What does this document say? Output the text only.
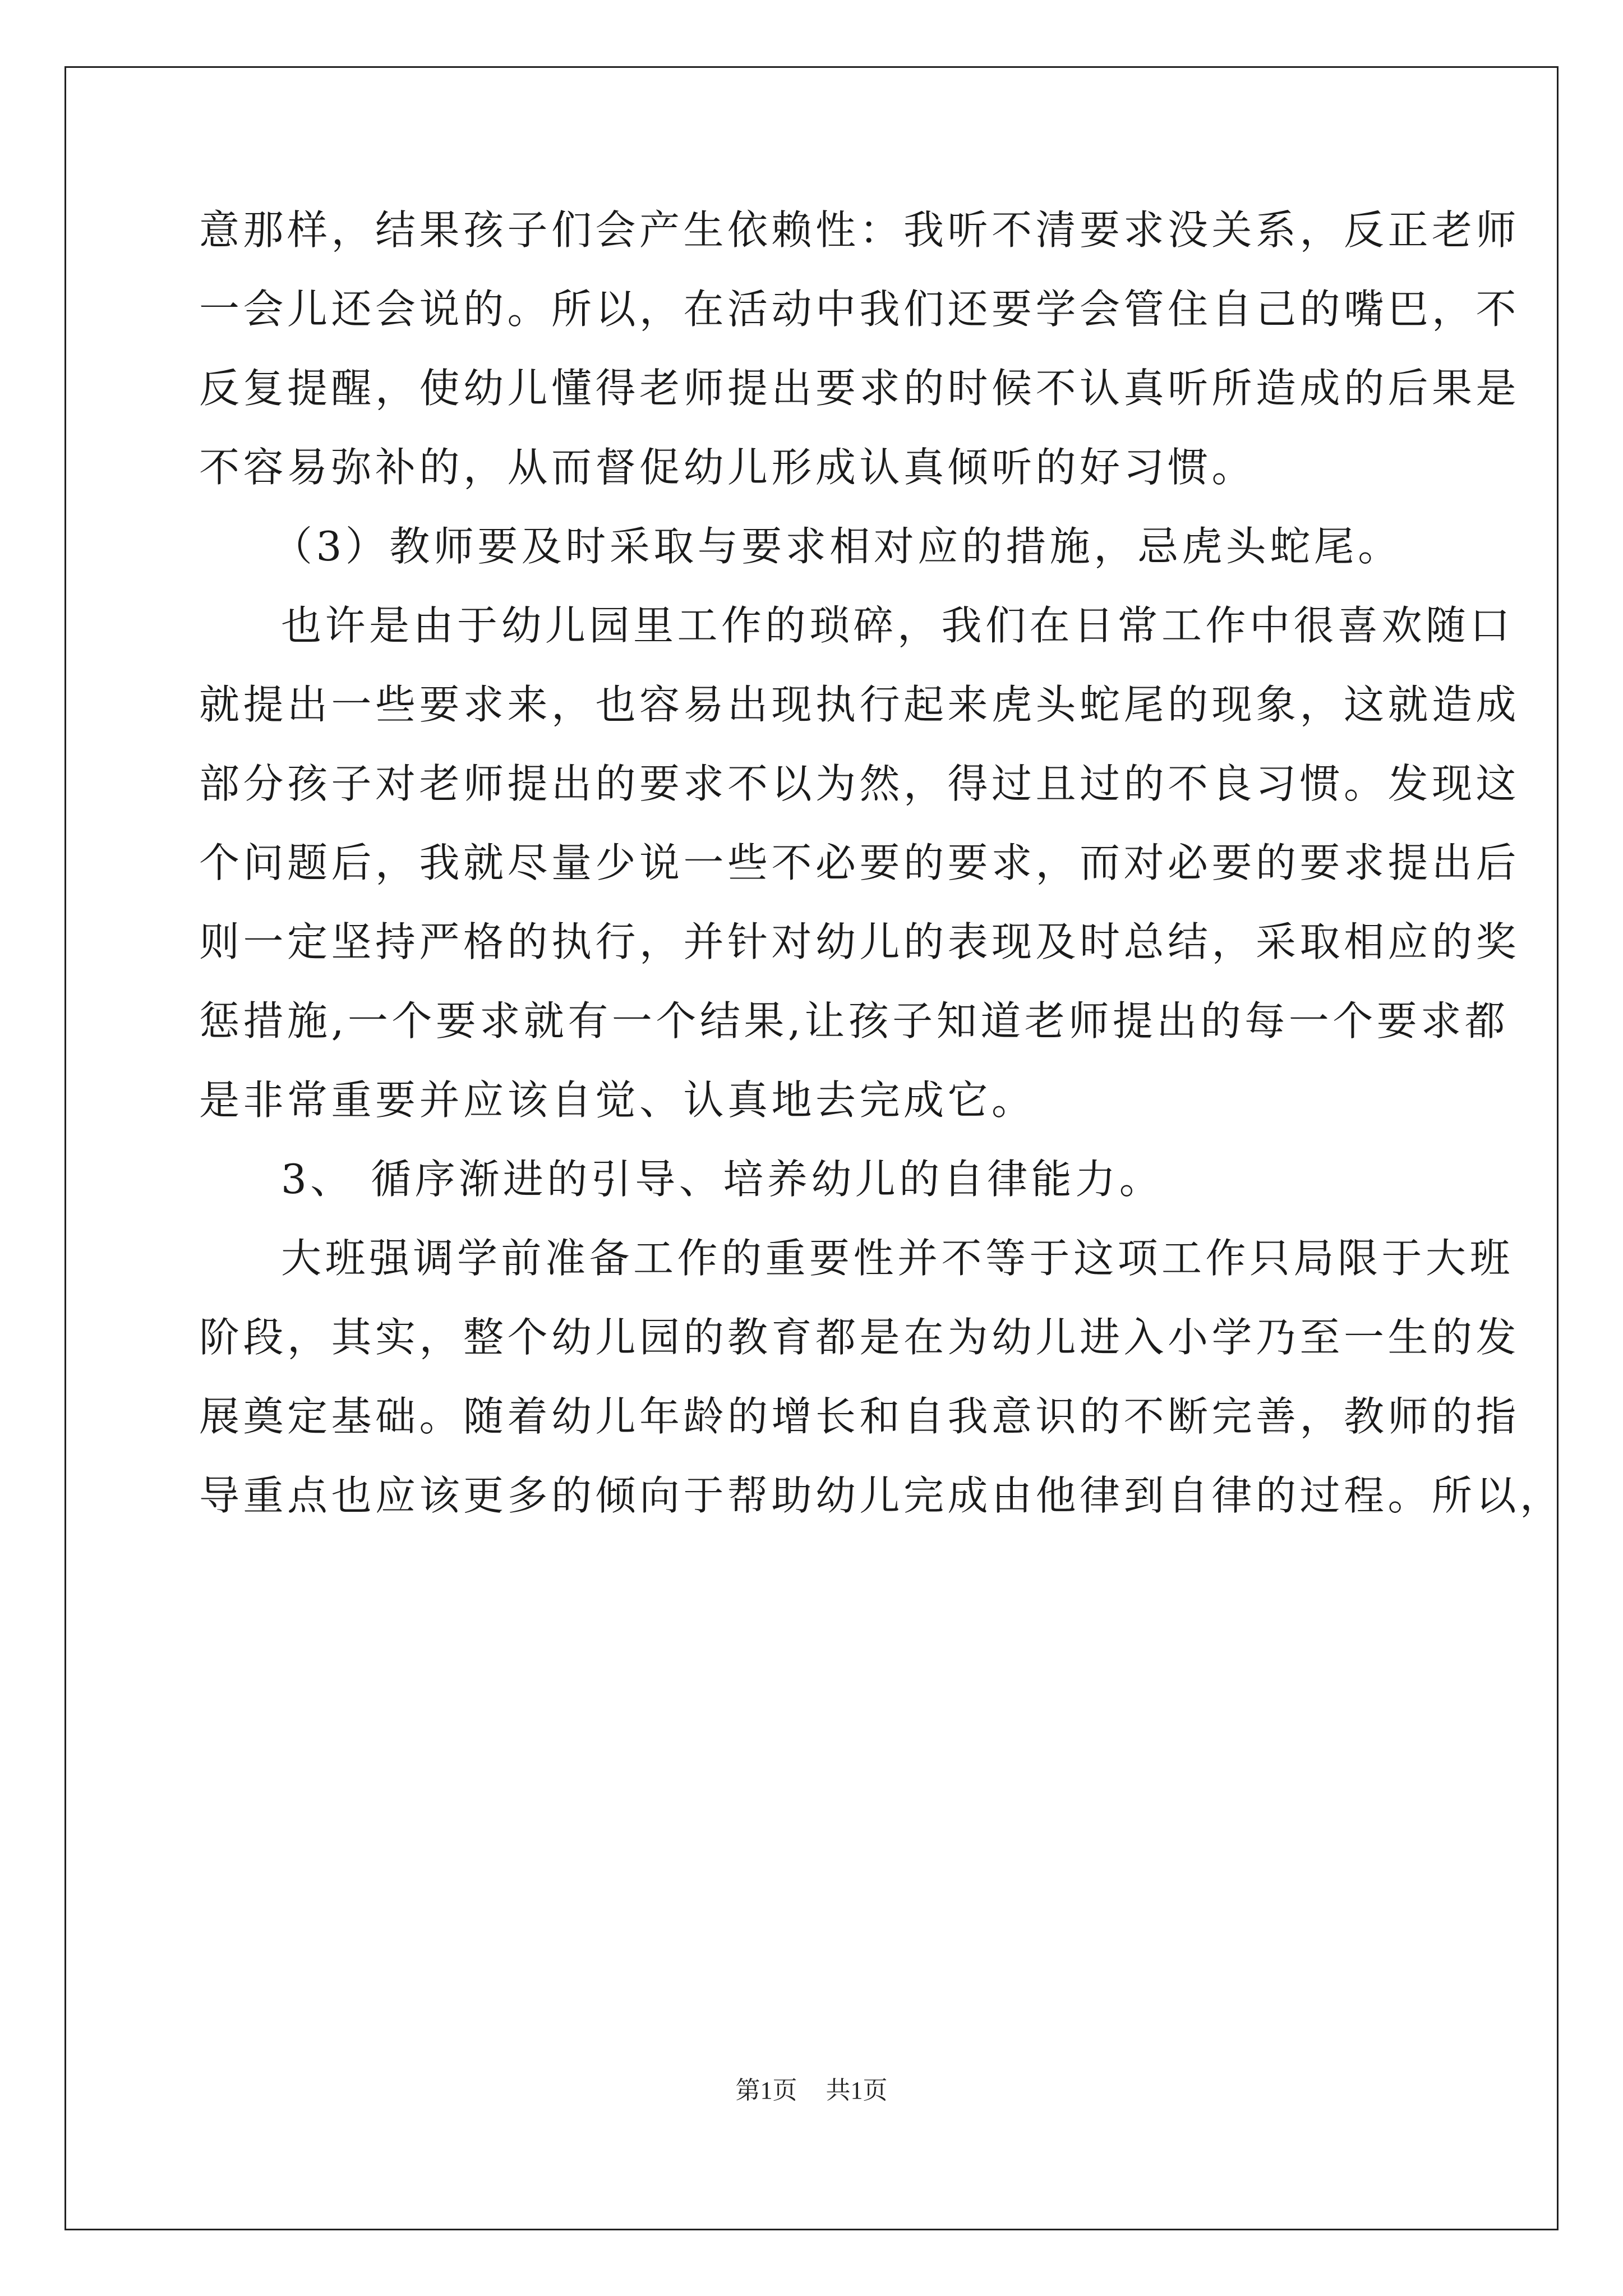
意那样，结果孩子们会产生依赖性：我听不清要求没关系，反正老师
一会儿还会说的。所以，在活动中我们还要学会管住自己的嘴巴，不
反复提醒，使幼儿懂得老师提出要求的时候不认真听所造成的后果是
不容易弥补的，从而督促幼儿形成认真倾听的好习惯。
（3）教师要及时采取与要求相对应的措施，忌虎头蛇尾。
也许是由于幼儿园里工作的琐碎，我们在日常工作中很喜欢随口
就提出一些要求来，也容易出现执行起来虎头蛇尾的现象，这就造成
部分孩子对老师提出的要求不以为然，得过且过的不良习惯。发现这
个问题后，我就尽量少说一些不必要的要求，而对必要的要求提出后
则一定坚持严格的执行，并针对幼儿的表现及时总结，采取相应的奖
惩措施,一个要求就有一个结果,让孩子知道老师提出的每一个要求都
是非常重要并应该自觉、认真地去完成它。
3、 循序渐进的引导、培养幼儿的自律能力。
大班强调学前准备工作的重要性并不等于这项工作只局限于大班
阶段，其实，整个幼儿园的教育都是在为幼儿进入小学乃至一生的发
展奠定基础。随着幼儿年龄的增长和自我意识的不断完善，教师的指
导重点也应该更多的倾向于帮助幼儿完成由他律到自律的过程。所以，
第1页 共1页
